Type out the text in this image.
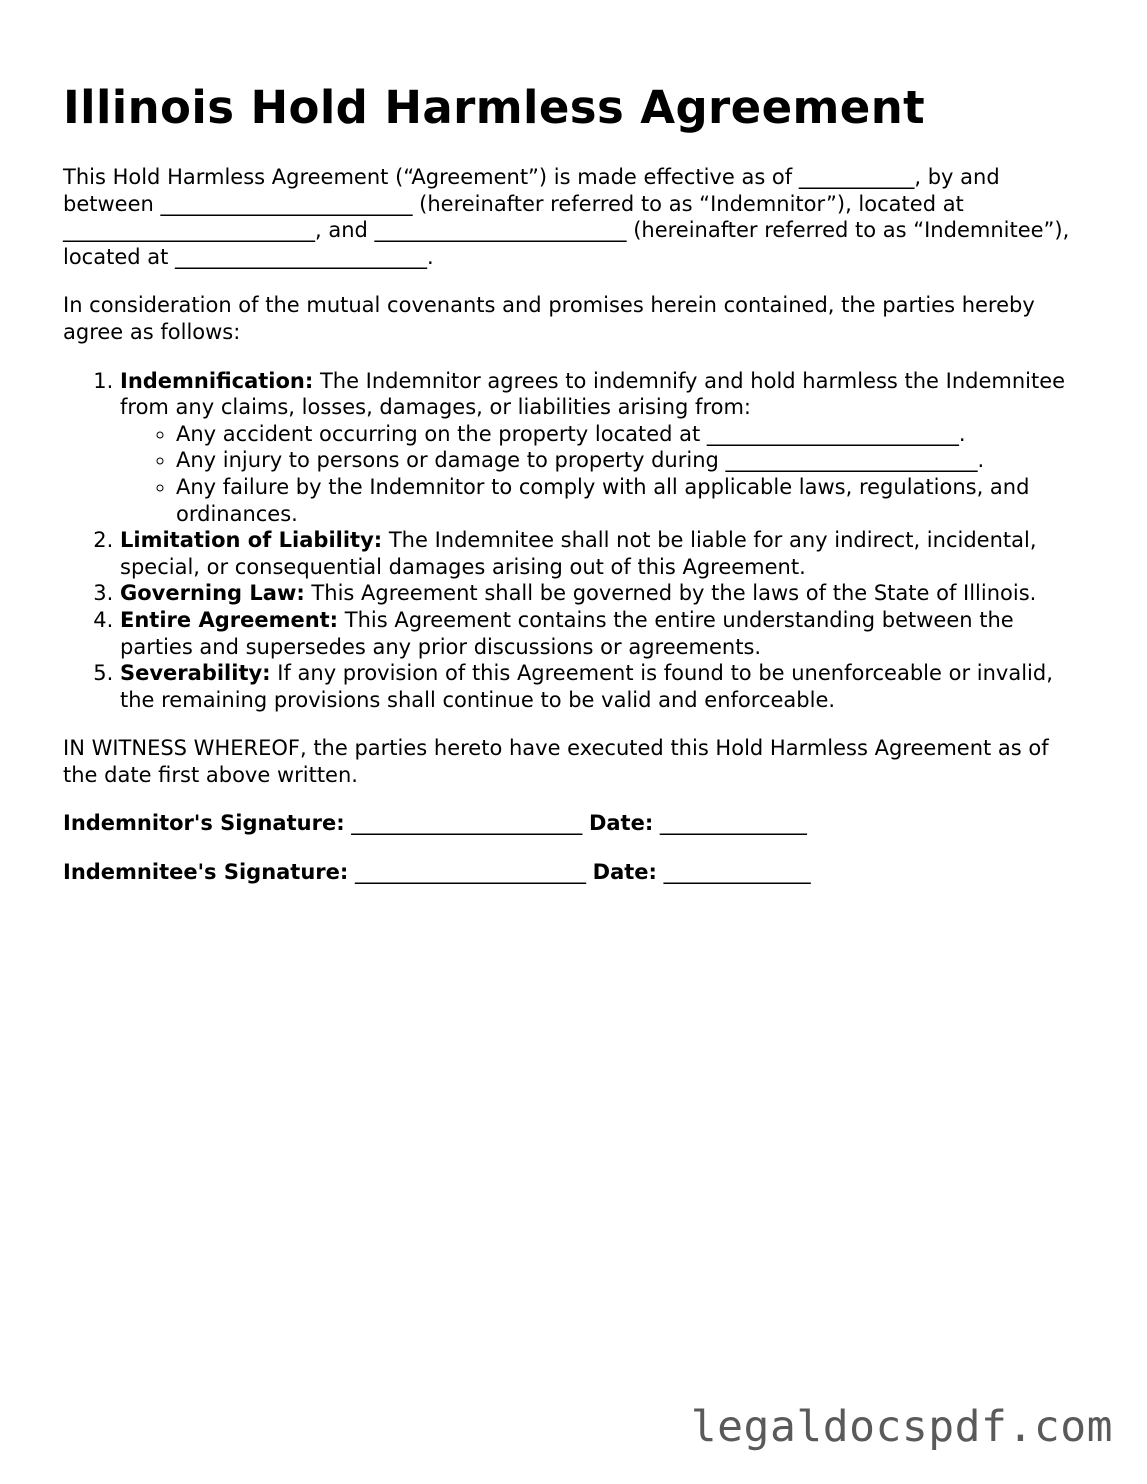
Illinois Hold Harmless Agreement

This Hold Harmless Agreement (“Agreement”) is made effective as of ___________, by and between ________________________ (hereinafter referred to as “Indemnitor”), located at ________________________, and ________________________ (hereinafter referred to as “Indemnitee”), located at ________________________.

In consideration of the mutual covenants and promises herein contained, the parties hereby agree as follows:

1. Indemnification: The Indemnitor agrees to indemnify and hold harmless the Indemnitee from any claims, losses, damages, or liabilities arising from:
◦ Any accident occurring on the property located at ________________________.
◦ Any injury to persons or damage to property during ________________________.
◦ Any failure by the Indemnitor to comply with all applicable laws, regulations, and ordinances.
2. Limitation of Liability: The Indemnitee shall not be liable for any indirect, incidental, special, or consequential damages arising out of this Agreement.
3. Governing Law: This Agreement shall be governed by the laws of the State of Illinois.
4. Entire Agreement: This Agreement contains the entire understanding between the parties and supersedes any prior discussions or agreements.
5. Severability: If any provision of this Agreement is found to be unenforceable or invalid, the remaining provisions shall continue to be valid and enforceable.

IN WITNESS WHEREOF, the parties hereto have executed this Hold Harmless Agreement as of the date first above written.

Indemnitor's Signature: ______________________ Date: ______________
Indemnitee's Signature: ______________________ Date: ______________
legaldocspdf.com
